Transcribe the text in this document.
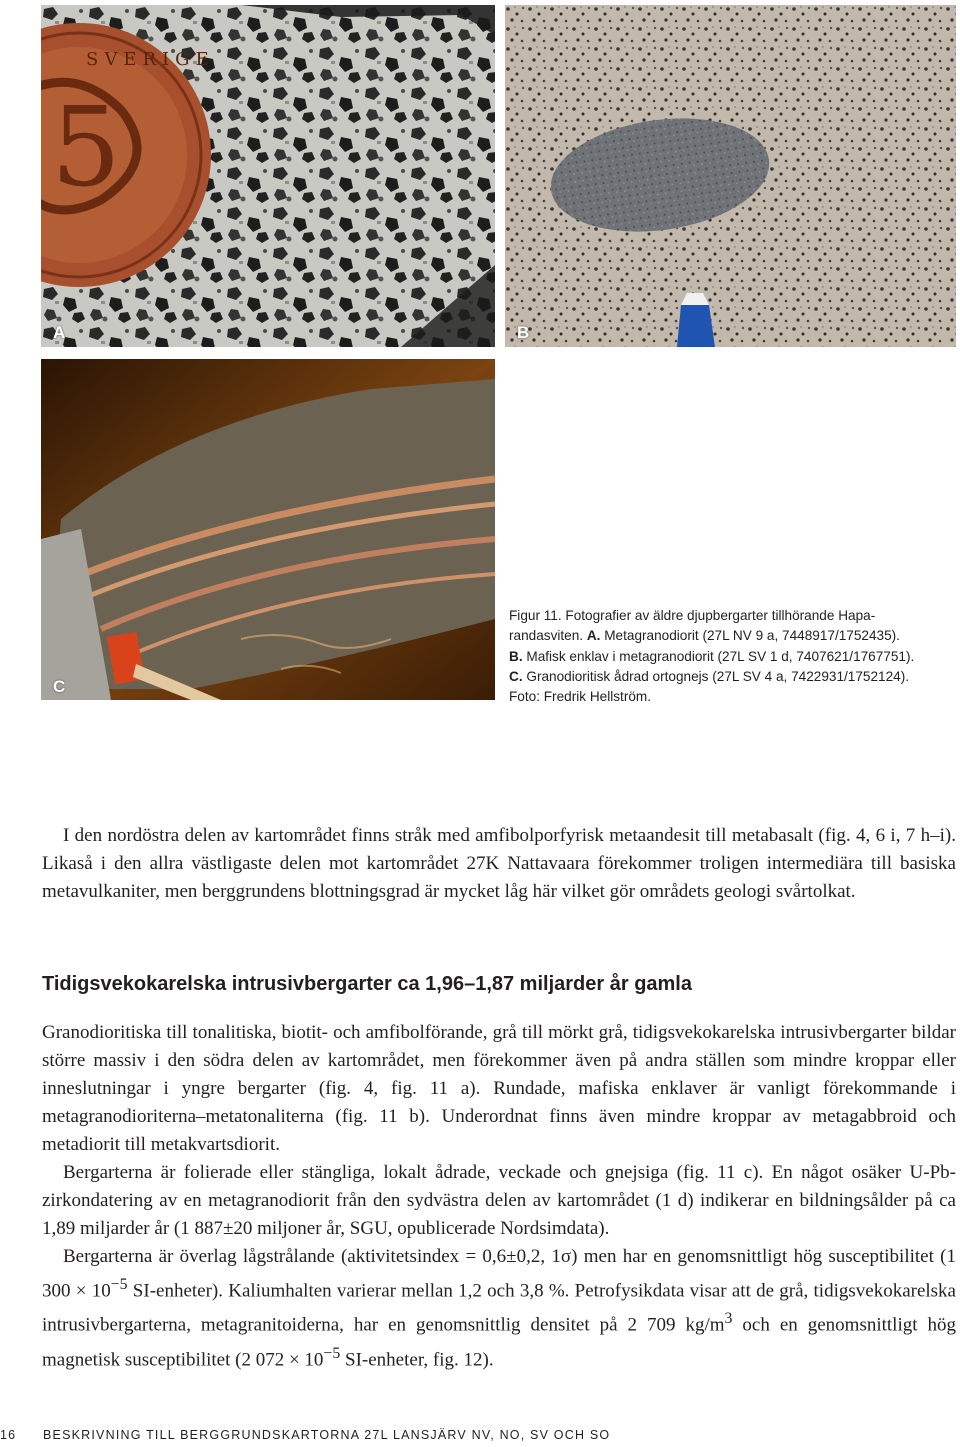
5
SVERIGE
A	B
C

Figur 11. Fotografier av äldre djupbergarter tillhörande Hapa-

randasviten. A. Metagranodiorit (27L NV 9 a, 7448917/1752435).

B. Mafisk enklav i metagranodiorit (27L SV 1 d, 7407621/1767751).

C. Granodioritisk ådrad ortognejs (27L SV 4 a, 7422931/1752124).

Foto: Fredrik Hellström.

I den nordöstra delen av kartområdet finns stråk med amfibolporfyrisk metaandesit till metabasalt (fig. 4, 6 i, 7 h–i). Likaså i den allra västligaste delen mot kartområdet 27K Nattavaara förekommer troligen intermediära till basiska metavulkaniter, men berggrundens blottningsgrad är mycket låg här vilket gör områdets geologi svårtolkat.

Tidigsvekokarelska intrusivbergarter ca 1,96–1,87 miljarder år gamla

Granodioritiska till tonalitiska, biotit- och amfibolförande, grå till mörkt grå, tidigsvekokarelska intrusivbergarter bildar större massiv i den södra delen av kartområdet, men förekommer även på andra ställen som mindre kroppar eller inneslutningar i yngre bergarter (fig. 4, fig. 11 a). Rundade, mafiska enklaver är vanligt förekommande i metagranodioriterna–metatonaliterna (fig. 11 b). Underordnat finns även mindre kroppar av metagabbroid och metadiorit till metakvartsdiorit.

Bergarterna är folierade eller stängliga, lokalt ådrade, veckade och gnejsiga (fig. 11 c). En något osäker U-Pb-zirkondatering av en metagranodiorit från den sydvästra delen av kartområdet (1 d) indikerar en bildningsålder på ca 1,89 miljarder år (1 887±20 miljoner år, SGU, opublicerade Nordsimdata).

Bergarterna är överlag lågstrålande (aktivitetsindex = 0,6±0,2, 1σ) men har en genomsnittligt hög susceptibilitet (1 $300 \times 10^{-5}$ SI-enheter). Kaliumhalten varierar mellan 1,2 och 3,8 %. Petrofysikdata visar att de grå, tidigsvekokarelska intrusivbergarterna, metagranitoiderna, har en genomsnittlig densitet på 2 709 $kg/m^3$ och en genomsnittligt hög magnetisk susceptibilitet (2 $072 \times 10^{-5}$ SI-enheter, fig. 12).

16 BESKRIVNING TILL BERGGRUNDSKARTORNA 27L LANSJÄRV NV, NO, SV OCH SO
